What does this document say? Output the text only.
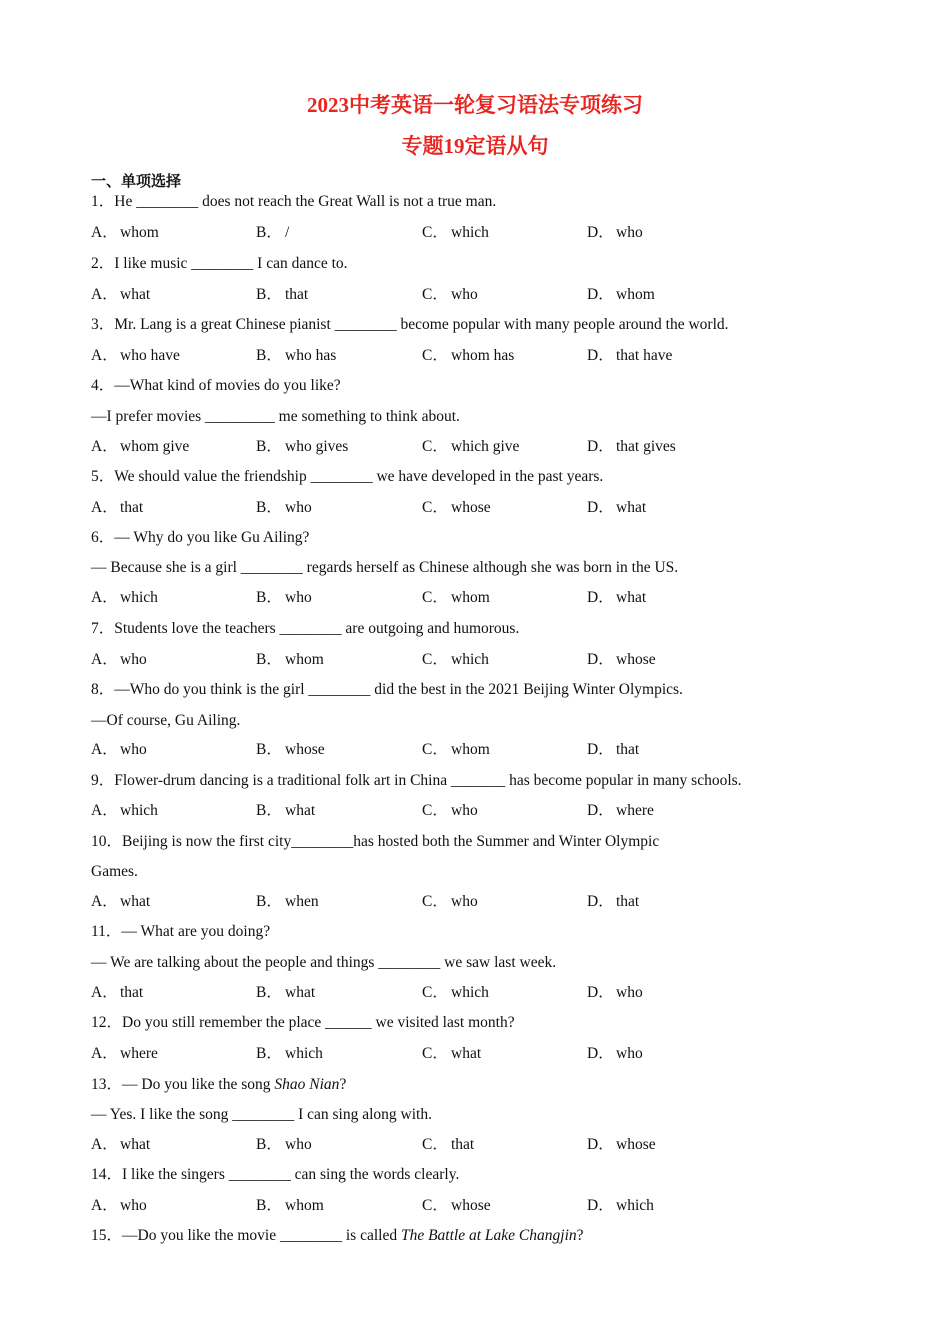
2023中考英语一轮复习语法专项练习
专题19定语从句
一、单项选择
1．He ________ does not reach the Great Wall is not a true man.
A． whom	B． /	C． which	D． who
2．I like music ________ I can dance to.
A． what	B． that	C． who	D． whom
3．Mr. Lang is a great Chinese pianist ________ become popular with many people around the world.
A． who have	B． who has	C． whom has	D． that have
4．—What kind of movies do you like?
—I prefer movies _________ me something to think about.
A． whom give	B． who gives	C． which give	D． that gives
5．We should value the friendship ________ we have developed in the past years.
A． that	B． who	C． whose	D． what
6．— Why do you like Gu Ailing?
— Because she is a girl ________ regards herself as Chinese although she was born in the US.
A． which	B． who	C． whom	D． what
7．Students love the teachers ________ are outgoing and humorous.
A． who	B． whom	C． which	D． whose
8．—Who do you think is the girl ________ did the best in the 2021 Beijing Winter Olympics.
—Of course, Gu Ailing.
A． who	B． whose	C． whom	D． that
9．Flower-drum dancing is a traditional folk art in China _______ has become popular in many schools.
A． which	B． what	C． who	D． where
10．Beijing is now the first city________has hosted both the Summer and Winter Olympic
Games.
A． what	B． when	C． who	D． that
11．— What are you doing?
— We are talking about the people and things ________ we saw last week.
A． that	B． what	C． which	D． who
12．Do you still remember the place ______ we visited last month?
A． where	B． which	C． what	D． who
13．— Do you like the song Shao Nian?
— Yes. I like the song ________ I can sing along with.
A． what	B． who	C． that	D． whose
14．I like the singers ________ can sing the words clearly.
A． who	B． whom	C． whose	D． which
15．—Do you like the movie ________ is called The Battle at Lake Changjin?
